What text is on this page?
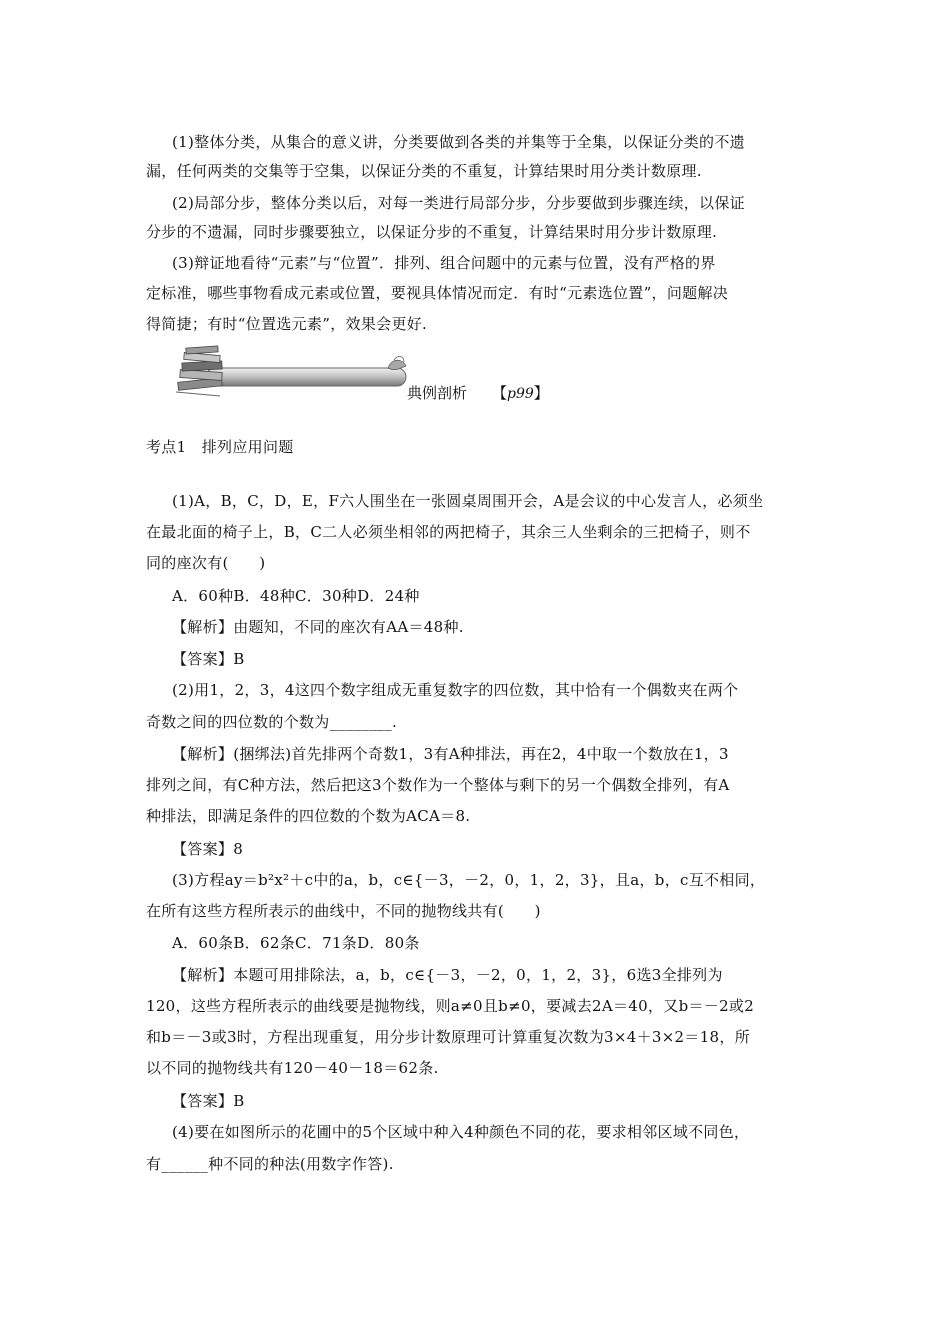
(1)整体分类，从集合的意义讲，分类要做到各类的并集等于全集，以保证分类的不遗
漏，任何两类的交集等于空集，以保证分类的不重复，计算结果时用分类计数原理.
(2)局部分步，整体分类以后，对每一类进行局部分步，分步要做到步骤连续，以保证
分步的不遗漏，同时步骤要独立，以保证分步的不重复，计算结果时用分步计数原理.
(3)辩证地看待“元素”与“位置”．排列、组合问题中的元素与位置，没有严格的界
定标准，哪些事物看成元素或位置，要视具体情况而定．有时“元素选位置”，问题解决
得简捷；有时“位置选元素”，效果会更好.
典例剖析 【p99】
考点1　排列应用问题
(1)A，B，C，D，E，F六人围坐在一张圆桌周围开会，A是会议的中心发言人，必须坐
在最北面的椅子上，B，C二人必须坐相邻的两把椅子，其余三人坐剩余的三把椅子，则不
同的座次有(　　)
A．60种B．48种C．30种D．24种
【解析】由题知，不同的座次有AA＝48种.
【答案】B
(2)用1，2，3，4这四个数字组成无重复数字的四位数，其中恰有一个偶数夹在两个
奇数之间的四位数的个数为________.
【解析】(捆绑法)首先排两个奇数1，3有A种排法，再在2，4中取一个数放在1，3
排列之间，有C种方法，然后把这3个数作为一个整体与剩下的另一个偶数全排列，有A
种排法，即满足条件的四位数的个数为ACA＝8.
【答案】8
(3)方程ay＝b²x²＋c中的a，b，c∈{－3，－2，0，1，2，3}，且a，b，c互不相同，
在所有这些方程所表示的曲线中，不同的抛物线共有(　　)
A．60条B．62条C．71条D．80条
【解析】本题可用排除法，a，b，c∈{－3，－2，0，1，2，3}，6选3全排列为
120，这些方程所表示的曲线要是抛物线，则a≠0且b≠0，要减去2A＝40，又b＝－2或2
和b＝－3或3时，方程出现重复，用分步计数原理可计算重复次数为3×4＋3×2＝18，所
以不同的抛物线共有120－40－18＝62条.
【答案】B
(4)要在如图所示的花圃中的5个区域中种入4种颜色不同的花，要求相邻区域不同色，
有______种不同的种法(用数字作答).
